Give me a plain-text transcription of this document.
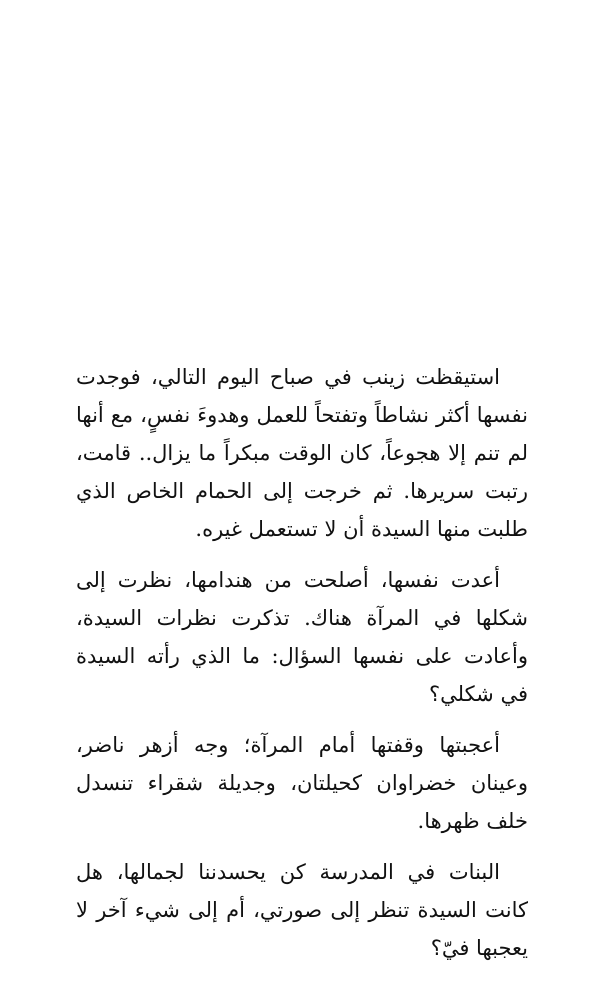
استيقظت زينب في صباح اليوم التالي، فوجدت نفسها أكثر نشاطاً وتفتحاً للعمل وهدوءَ نفسٍ، مع أنها لم تنم إلا هجوعاً، كان الوقت مبكراً ما يزال.. قامت، رتبت سريرها. ثم خرجت إلى الحمام الخاص الذي طلبت منها السيدة أن لا تستعمل غيره.

أعدت نفسها، أصلحت من هندامها، نظرت إلى شكلها في المرآة هناك. تذكرت نظرات السيدة، وأعادت على نفسها السؤال: ما الذي رأته السيدة في شكلي؟

أعجبتها وقفتها أمام المرآة؛ وجه أزهر ناضر، وعينان خضراوان كحيلتان، وجديلة شقراء تنسدل خلف ظهرها.

البنات في المدرسة كن يحسدننا لجمالها، هل كانت السيدة تنظر إلى صورتي، أم إلى شيء آخر لا يعجبها فيّ؟
